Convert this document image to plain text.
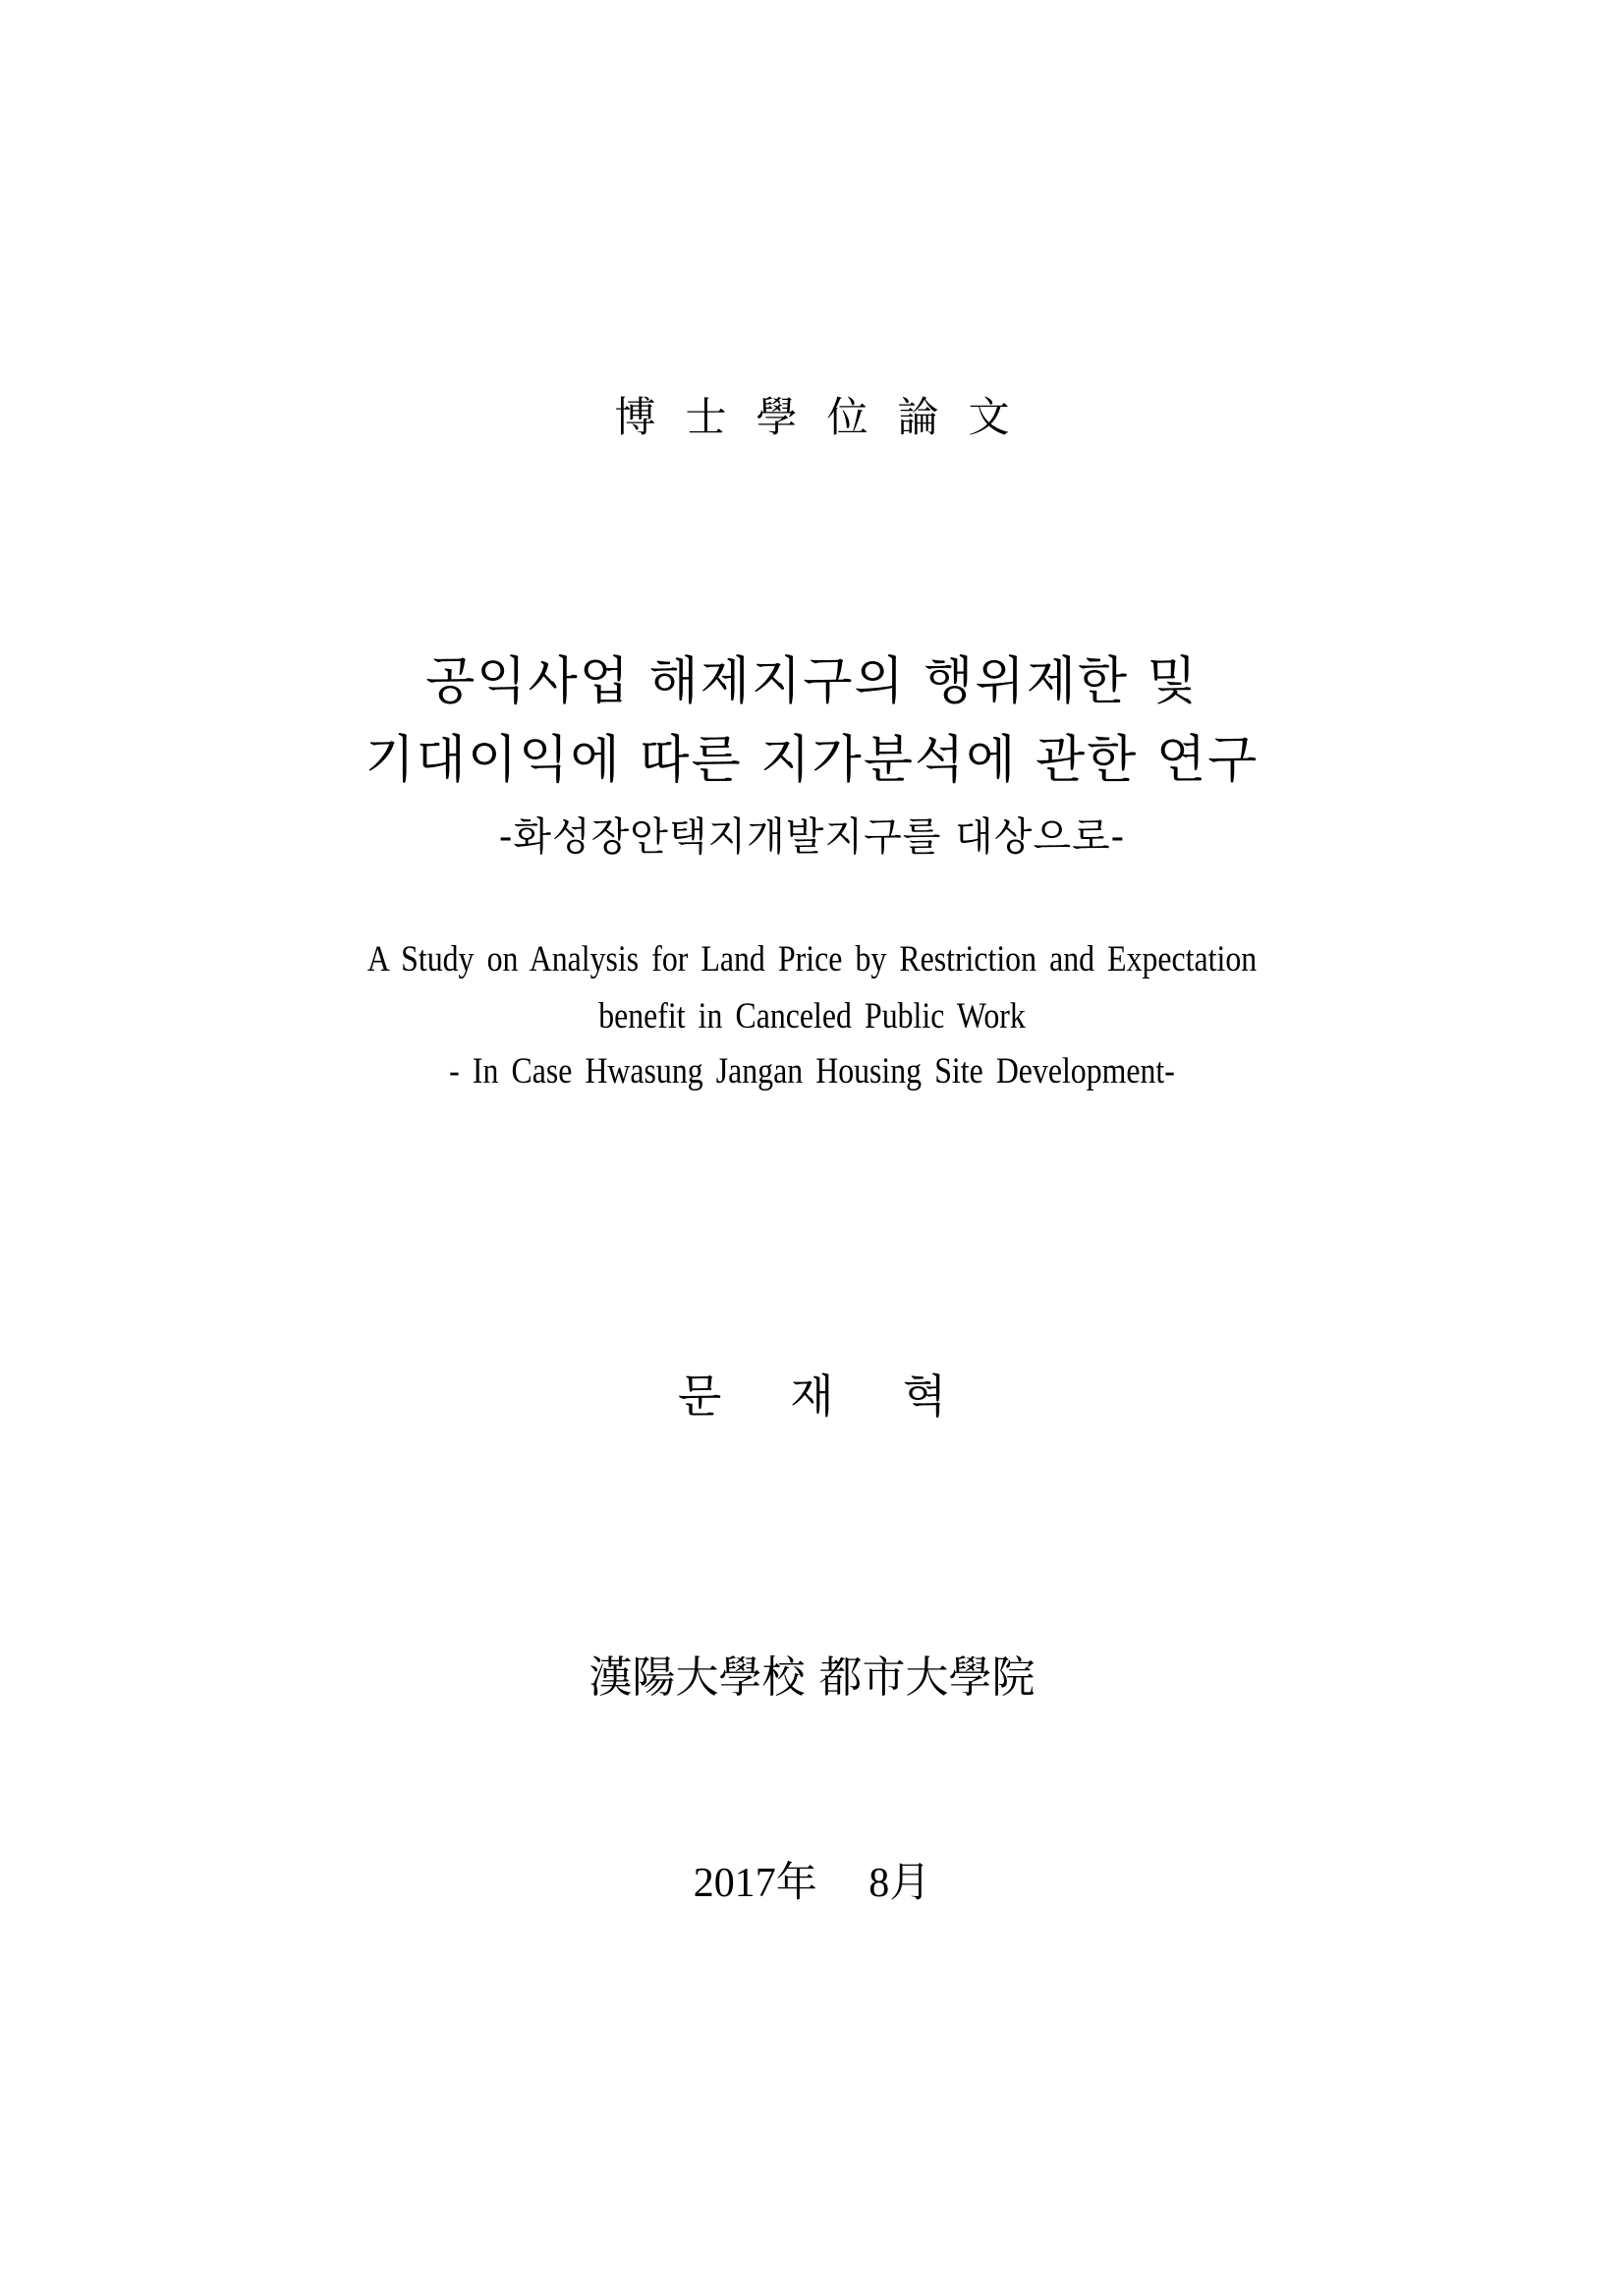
博士學位論文
공익사업 해제지구의 행위제한 및
기대이익에 따른 지가분석에 관한 연구
-화성장안택지개발지구를 대상으로-
A Study on Analysis for Land Price by Restriction and Expectation
benefit in Canceled Public Work
- In Case Hwasung Jangan Housing Site Development-
문재혁
漢陽大學校 都市大學院
2017年　 8月
